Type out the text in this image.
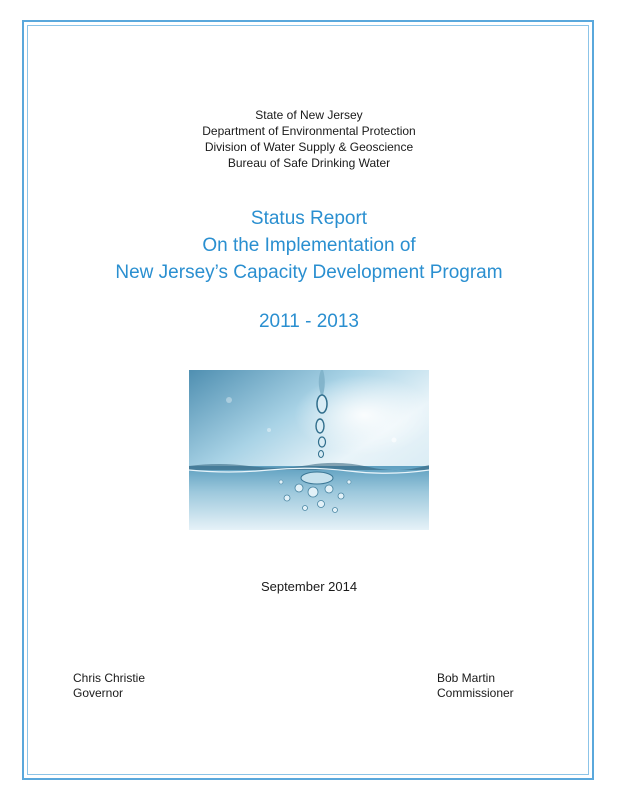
State of New Jersey
Department of Environmental Protection
Division of Water Supply & Geoscience
Bureau of Safe Drinking Water
Status Report
On the Implementation of
New Jersey’s Capacity Development Program
2011 - 2013
September 2014
Chris Christie
Governor
Bob Martin
Commissioner
